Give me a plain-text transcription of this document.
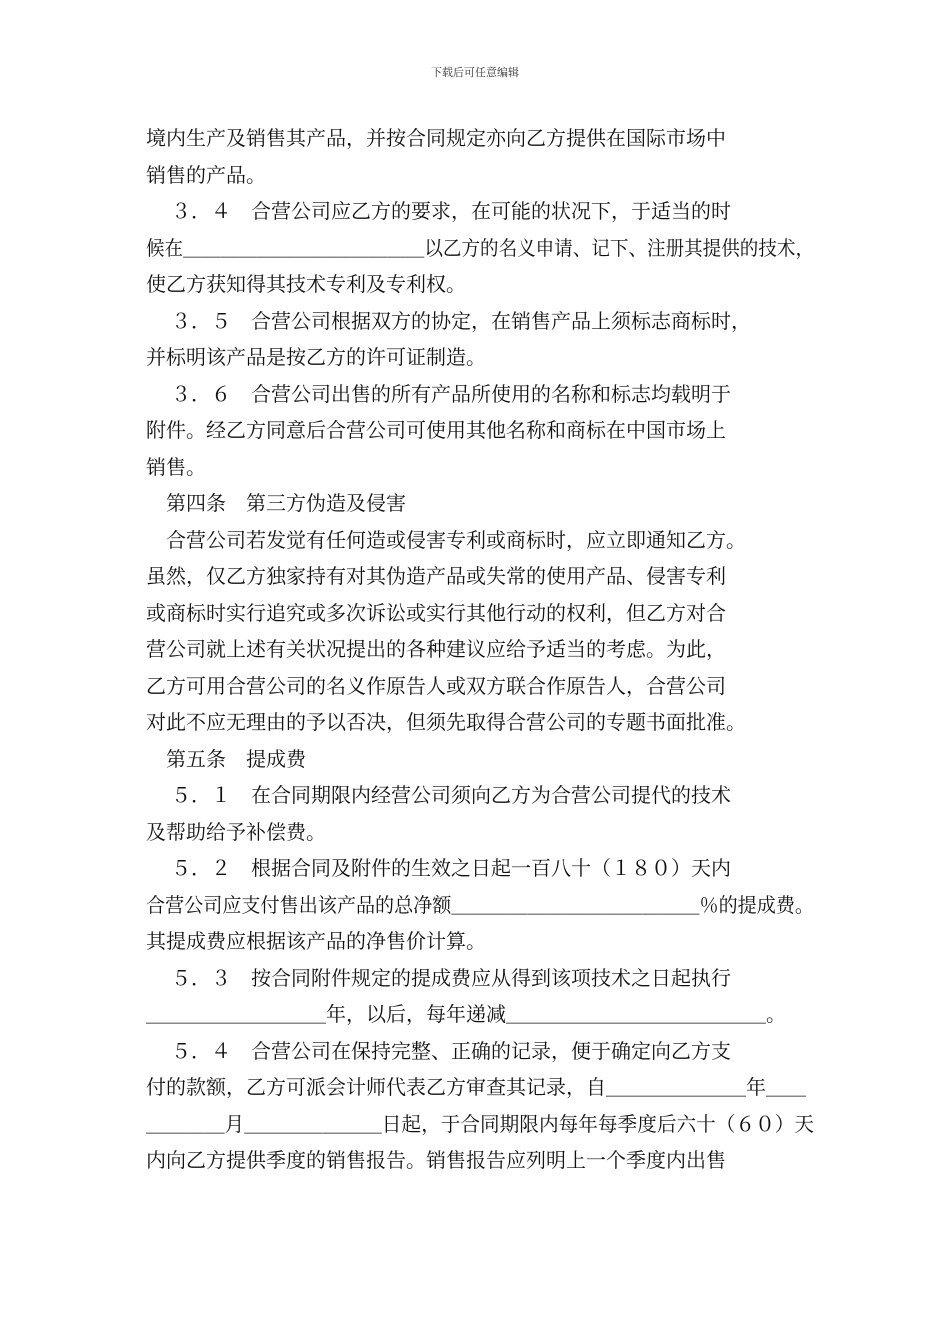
下载后可任意编辑
境内生产及销售其产品，并按合同规定亦向乙方提供在国际市场中
销售的产品。
３．４　合营公司应乙方的要求，在可能的状况下，于适当的时
候在＿＿＿＿＿＿＿＿＿＿＿＿＿以乙方的名义申请、记下、注册其提供的技术，
使乙方获知得其技术专利及专利权。
３．５　合营公司根据双方的协定，在销售产品上须标志商标时，
并标明该产品是按乙方的许可证制造。
３．６　合营公司出售的所有产品所使用的名称和标志均载明于
附件。经乙方同意后合营公司可使用其他名称和商标在中国市场上
销售。
第四条　第三方伪造及侵害
合营公司若发觉有任何造或侵害专利或商标时，应立即通知乙方。
虽然，仅乙方独家持有对其伪造产品或失常的使用产品、侵害专利
或商标时实行追究或多次诉讼或实行其他行动的权利，但乙方对合
营公司就上述有关状况提出的各种建议应给予适当的考虑。为此，
乙方可用合营公司的名义作原告人或双方联合作原告人，合营公司
对此不应无理由的予以否决，但须先取得合营公司的专题书面批准。
第五条　提成费
５．１　在合同期限内经营公司须向乙方为合营公司提代的技术
及帮助给予补偿费。
５．２　根据合同及附件的生效之日起一百八十（１８０）天内
合营公司应支付售出该产品的总净额＿＿＿＿＿＿＿＿＿＿＿＿＿％的提成费。
其提成费应根据该产品的净售价计算。
５．３　按合同附件规定的提成费应从得到该项技术之日起执行
＿＿＿＿＿＿＿＿＿年，以后，每年递减＿＿＿＿＿＿＿＿＿＿＿＿＿。
５．４　合营公司在保持完整、正确的记录，便于确定向乙方支
付的款额，乙方可派会计师代表乙方审查其记录，自＿＿＿＿＿＿＿年＿＿
＿＿＿＿月＿＿＿＿＿＿＿日起，于合同期限内每年每季度后六十（６０）天
内向乙方提供季度的销售报告。销售报告应列明上一个季度内出售
